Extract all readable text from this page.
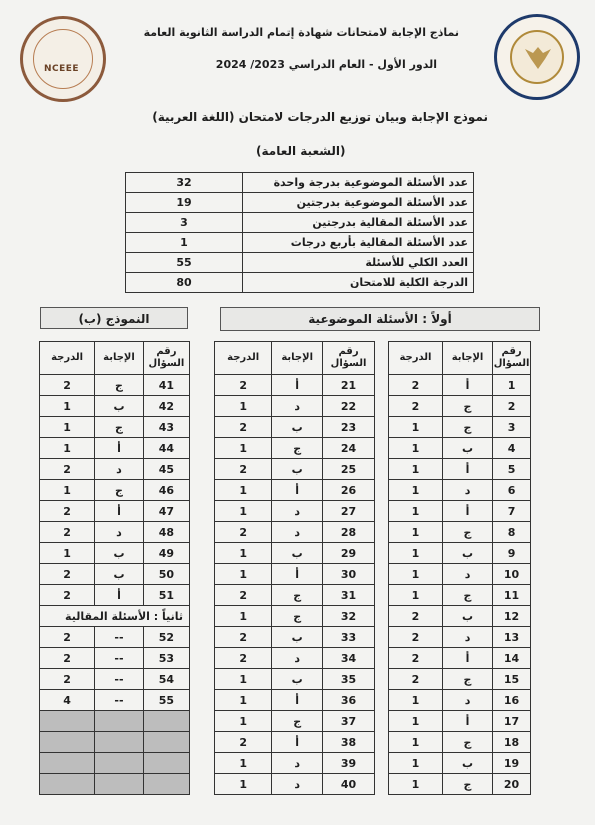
NCEEE
نماذج الإجابة لامتحانات شهادة إتمام الدراسة الثانوية العامة
الدور الأول - العام الدراسي 2023/ 2024
نموذج الإجابة وبيان توزيع الدرجات لامتحان (اللغة العربية)
(الشعبة العامة)
عدد الأسئلة الموضوعية بدرجة واحدة	32
عدد الأسئلة الموضوعية بدرجتين	19
عدد الأسئلة المقالية بدرجتين	3
عدد الأسئلة المقالية بأربع درجات	1
العدد الكلي للأسئلة	55
الدرجة الكلية للامتحان	80
النموذج (ب)	أولاً : الأسئلة الموضوعية
رقم السؤال	الإجابة	الدرجة
1	أ	2
2	ج	2
3	ج	1
4	ب	1
5	أ	1
6	د	1
7	أ	1
8	ج	1
9	ب	1
10	د	1
11	ج	1
12	ب	2
13	د	2
14	أ	2
15	ج	2
16	د	1
17	أ	1
18	ج	1
19	ب	1
20	ج	1
رقم السؤال	الإجابة	الدرجة
21	أ	2
22	د	1
23	ب	2
24	ج	1
25	ب	2
26	أ	1
27	د	1
28	د	2
29	ب	1
30	أ	1
31	ج	2
32	ج	1
33	ب	2
34	د	2
35	ب	1
36	أ	1
37	ج	1
38	أ	2
39	د	1
40	د	1
رقم السؤال	الإجابة	الدرجة
41	ج	2
42	ب	1
43	ج	1
44	أ	1
45	د	2
46	ج	1
47	أ	2
48	د	2
49	ب	1
50	ب	2
51	أ	2
ثانياً : الأسئلة المقالية		
52	--	2
53	--	2
54	--	2
55	--	4
